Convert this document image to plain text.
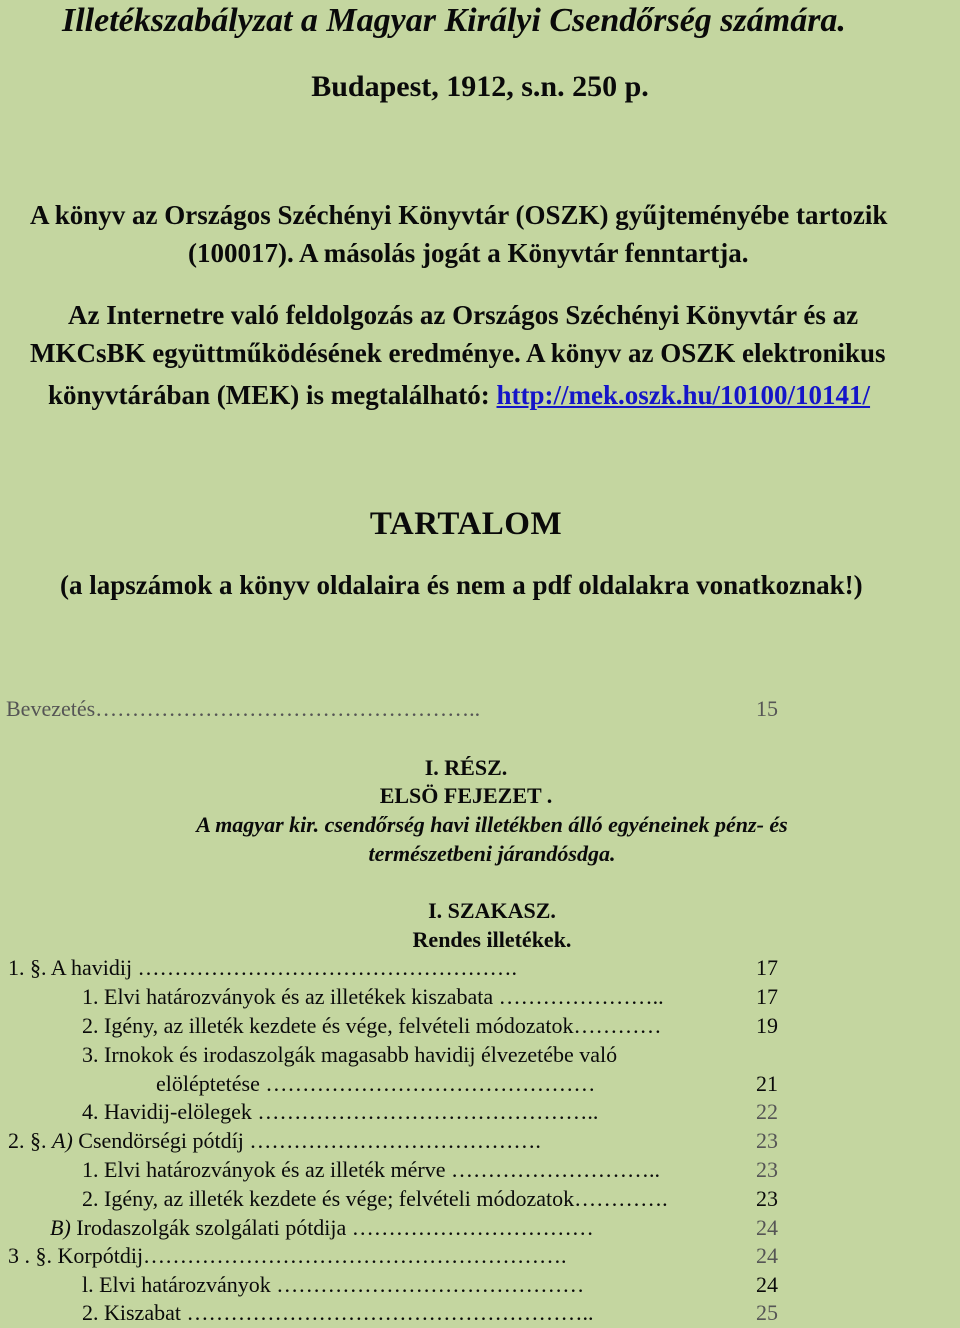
Illetékszabályzat a Magyar Királyi Csendőrség számára.
Budapest, 1912, s.n. 250 p.
A könyv az Országos Széchényi Könyvtár (OSZK) gyűjteményébe tartozik
(100017). A másolás jogát a Könyvtár fenntartja.
Az Internetre való feldolgozás az Országos Széchényi Könyvtár és az
MKCsBK együttműködésének eredménye. A könyv az OSZK elektronikus
könyvtárában (MEK) is megtalálható: http://mek.oszk.hu/10100/10141/
TARTALOM
(a lapszámok a könyv oldalaira és nem a pdf oldalakra vonatkoznak!)
Bevezetés……………………………………………..	15
I. RÉSZ.
ELSÖ FEJEZET .
A magyar kir. csendőrség havi illetékben álló egyéneinek pénz- és
természetbeni járandósdga.
I. SZAKASZ.
Rendes illetékek.
1. §. A havidij …………………………………………….	17
1. Elvi határozványok és az illetékek kiszabata …………………..	17
2. Igény, az illeték kezdete és vége, felvételi módozatok…………	19
3. Irnokok és irodaszolgák magasabb havidij élvezetébe való
elöléptetése ………………………………………	21
4. Havidij-elölegek ………………………………………..	22
2. §. A) Csendörségi pótdíj ………………………………….	23
1. Elvi határozványok és az illeték mérve ………………………..	23
2. Igény, az illeték kezdete és vége; felvételi módozatok………….	23
B) Irodaszolgák szolgálati pótdija ……………………………	24
3 . §. Korpótdij………………………………………………….	24
l. Elvi határozványok ……………………………………	24
2. Kiszabat ………………………………………………..	25
